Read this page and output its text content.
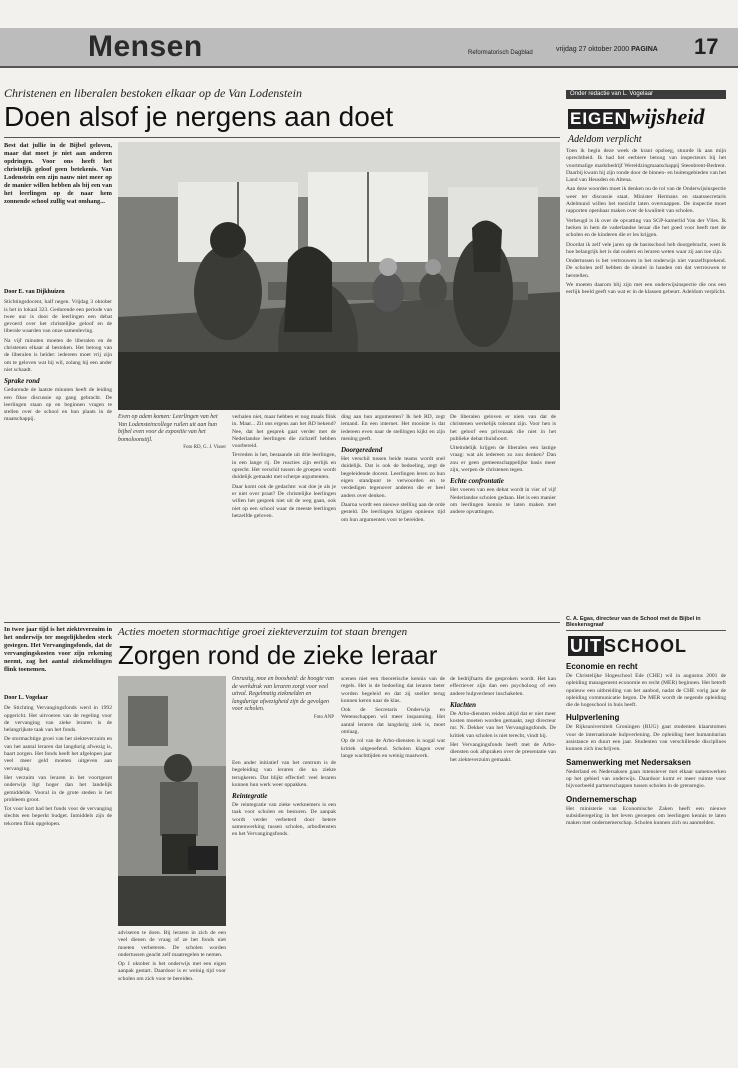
Mensen	Reformatorisch Dagblad	vrijdag 27 oktober 2000 PAGINA 17
Christenen en liberalen bestoken elkaar op de Van Lodenstein
Doen alsof je nergens aan doet
Best dat jullie in de Bijbel geloven, maar dat moet je niet aan anderen opdringen. Voor ons heeft het christelijk geloof geen betekenis. Van Lodenstein een zijn nauw niet meer op de manier willen hebben als bij een van het leerlingen op de naar hem zonnende school zullig wat omhang...
Door E. van Dijkhuizen

Stichtingsdocent, half negen. Vrijdag 3 oktober is het in lokaal 323. Gedurende een periode van twee uur is door de leerlingen een debat gevoerd over het christelijke geloof en de liberale waarden van onze samenleving.

Na vijf minuten moeten de liberalen en de christenen elkaar al bestoken. Het betoog van de liberalen is helder: iedereen moet vrij zijn om te geloven wat hij wil, zolang hij een ander niet schaadt.

Sprake rond

Gedurende de laatste minuten heeft de leiding een fikse discussie op gang gebracht. De leerlingen staan op en beginnen vragen te stellen over de school en hun plaats in de maatschappij.	Even op adem komen: Leerlingen van het Van Lodensteincollege ruilen uit aan hun bijbel even voor de expositie van het bomoloonstijl.
Foto RD, G. J. Visser

verhalen niet, maar hebben er nog maals flink in. Maar... Zit ons ergens aan het RD bekend? Nee, dat het gesprek gaat verder met de Nederlandse leerlingen die zichzelf hebben voorbereid.

Tevreden is het, bestaande uit drie leerlingen, in een lange rij. De reacties zijn eerlijk en oprecht. Het verschil tussen de groepen wordt duidelijk gemaakt met scherpe argumenten.

Daar komt ook de gedachte: wat doe je als je er niet over praat? De christelijke leerlingen willen het gesprek niet uit de weg gaan, ook niet op een school waar de meeste leerlingen hetzelfde geloven.

ding aan hun argumenten? Ik heb RD, zegt iemand. En een internet. Het mooiste is dat iedereen even naar de stellingen kijkt en zijn mening geeft.

Doorgeredend

Het verschil tussen beide teams wordt snel duidelijk. Dat is ook de bedoeling, zegt de begeleidende docent. Leerlingen leren zo hun eigen standpunt te verwoorden en te verdedigen tegenover anderen die er heel anders over denken.

Daarna wordt een nieuwe stelling aan de orde gesteld. De leerlingen krijgen opnieuw tijd om hun argumenten voor te bereiden.

De liberalen geloven er niets van dat de christenen werkelijk tolerant zijn. Voor hen is het geloof een privezaak die niet in het publieke debat thuishoort.

Uiteindelijk krijgen de liberalen een lastige vraag: wat als iedereen zo zou denken? Dan zou er geen gemeenschappelijke basis meer zijn, werpen de christenen tegen.

Echte confrontatie

Het voeren van een debat wordt in vier of vijf Nederlandse scholen gedaan. Het is een manier om leerlingen kennis te laten maken met andere opvattingen.

In twee jaar tijd is het ziekteverzuim in het onderwijs ter mogelijkheden sterk gestegen. Het Vervangingsfonds, dat de vervangingskosten voor zijn rekening neemt, zag het aantal ziekmeldingen flink toenemen.
Acties moeten stormachtige groei ziekteverzuim tot staan brengen
Zorgen rond de zieke leraar
Door L. Vogelaar

De Stichting Vervangingsfonds werd in 1992 opgericht. Het uitvoeren van de regeling voor de vervanging van zieke leraren is de belangrijkste taak van het fonds.

De stormachtige groei van het ziekteverzuim en van het aantal leraren dat langdurig afwezig is, baart zorgen. Het fonds heeft het afgelopen jaar veel meer geld moeten uitgeven aan vervanging.

Het verzuim van leraren in het voortgezet onderwijs ligt hoger dan het landelijk gemiddelde. Vooral in de grote steden is het probleem groot.

Tot voor kort had het fonds voor de vervanging slechts een beperkt budget. Inmiddels zijn de tekorten flink opgelopen.

Onrustig, moe en boosheid: de hoogte van de werkdruk van leraren zorgt voor veel uitval. Regelmatig ziekmelden en langdurige afwezigheid zijn de gevolgen voor scholen.
Foto ANP

adviseren te doen. Bij leraren in zich de een veel dienen de vraag of ze het fonds niet moeten verbeteren. De scholen worden ondertussen geacht zelf maatregelen te nemen.

Op 1 oktober is het onderwijs met een eigen aanpak gestart. Daardoor is er weinig tijd voor scholen om zich voor te bereiden.

Een ander initiatief van het centrum is de begeleiding van leraren die na ziekte terugkeren. Dat blijkt effectief: veel leraren kunnen hun werk weer oppakken.

Reintegratie

De reintegratie van zieke werknemers is een taak voor scholen en besturen. De aanpak wordt verder verbeterd door betere samenwerking tussen scholen, arbodiensten en het Vervangingsfonds.

scenen niet een theoretische kennis van de regels. Het is de bedoeling dat leraren beter worden begeleid en dat zij sneller terug kunnen keren naar de klas.

Ook de Secretaris Onderwijs en Wetenschappen wil meer inspanning. Het aantal leraren dat langdurig ziek is, moet omlaag.

Op de rol van de Arbo-diensten is nogal wat kritiek uitgeoefend. Scholen klagen over lange wachttijden en weinig maatwerk.

de bedrijfsarts die gesproken wordt. Het kan effectiever zijn dan een psycholoog of een andere hulpverlener inschakelen.

Klachten

De Arbo-diensten reiden altijd dat er niet meer kosten moeten worden gemaakt, zegt directeur mr. N. Dekker van het Vervangingsfonds. De kritiek van scholen is niet terecht, vindt hij.

Het Vervangingsfonds heeft met de Arbo-diensten ook afspraken over de presentatie van het ziekteverzuim gemaakt.

Onder redactie van L. Vogelaar
EIGENwijsheid
Adeldom verplicht

Toen ik begin deze week de krant opsloeg, stuurde ik aan mijn oprechtheid. Ik had het eerbiere betoog van inspecteurs bij het voortmalige marktbedrijf Wereldzingmaatschappij Steenbrent-Bedrent. Daarbij kwam hij zijn ronde door de binnen- en buitengebieden van het Land van Heusden en Altena.

Aan deze woorden moet ik denken nu de rol van de Onderwijsinspectie weer ter discussie staat. Minister Hermans en staatssecretaris Adelmund willen het toezicht laten oversnappen. De inspectie moet rapporten openbaar maken over de kwaliteit van scholen.

Verheugd is ik over de opvatting van SGP-kamerlid Van der Vlies. Ik herken in hem de vaderlandse leraar die het goed voor heeft met de scholen en de kinderen die er les krijgen.

Doordat ik zelf vele jaren op de basisschool heb doorgebracht, weet ik hoe belangrijk het is dat ouders en leraren weten waar zij aan toe zijn.

Ondertussen is het vertrouwen in het onderwijs niet vanzelfsprekend. De scholen zelf hebben de sleutel in handen om dat vertrouwen te herstellen.

We moeten daarom blij zijn met een onderwijsinspectie die ons een eerlijk beeld geeft van wat er in de klassen gebeurt. Adeldom verplicht.

C. A. Egas, directeur van de School met de Bijbel in Bleskensgraaf
UIT SCHOOL
Economie en recht

De Christelijke Hogeschool Ede (CHE) wil in augustus 2001 de opleiding management economie en recht (MER) beginnen. Het betreft opnieuw een uitbreiding van het aanbod, nadat de CHE vorig jaar de opleiding communicatie begon. De MER wordt de negende opleiding die de hogeschool in huis heeft.

Hulpverlening

De Rijksuniversiteit Groningen (RUG) gaat studenten klaarstomen voor de internationale hulpverlening. De opleiding heet humanitarian assistance en duurt een jaar. Studenten van verschillende disciplines kunnen zich inschrijven.

Samenwerking met Nedersaksen

Nederland en Nedersaksen gaan intensiever met elkaar samenwerken op het gebied van onderwijs. Daardoor komt er meer ruimte voor bijvoorbeeld partnerschappen tussen scholen in de grensregio.

Ondernemerschap

Het ministerie van Economische Zaken heeft een nieuwe subsidieregeling in het leven geroepen om leerlingen kennis te laten maken met ondernemerschap. Scholen kunnen zich nu aanmelden.
